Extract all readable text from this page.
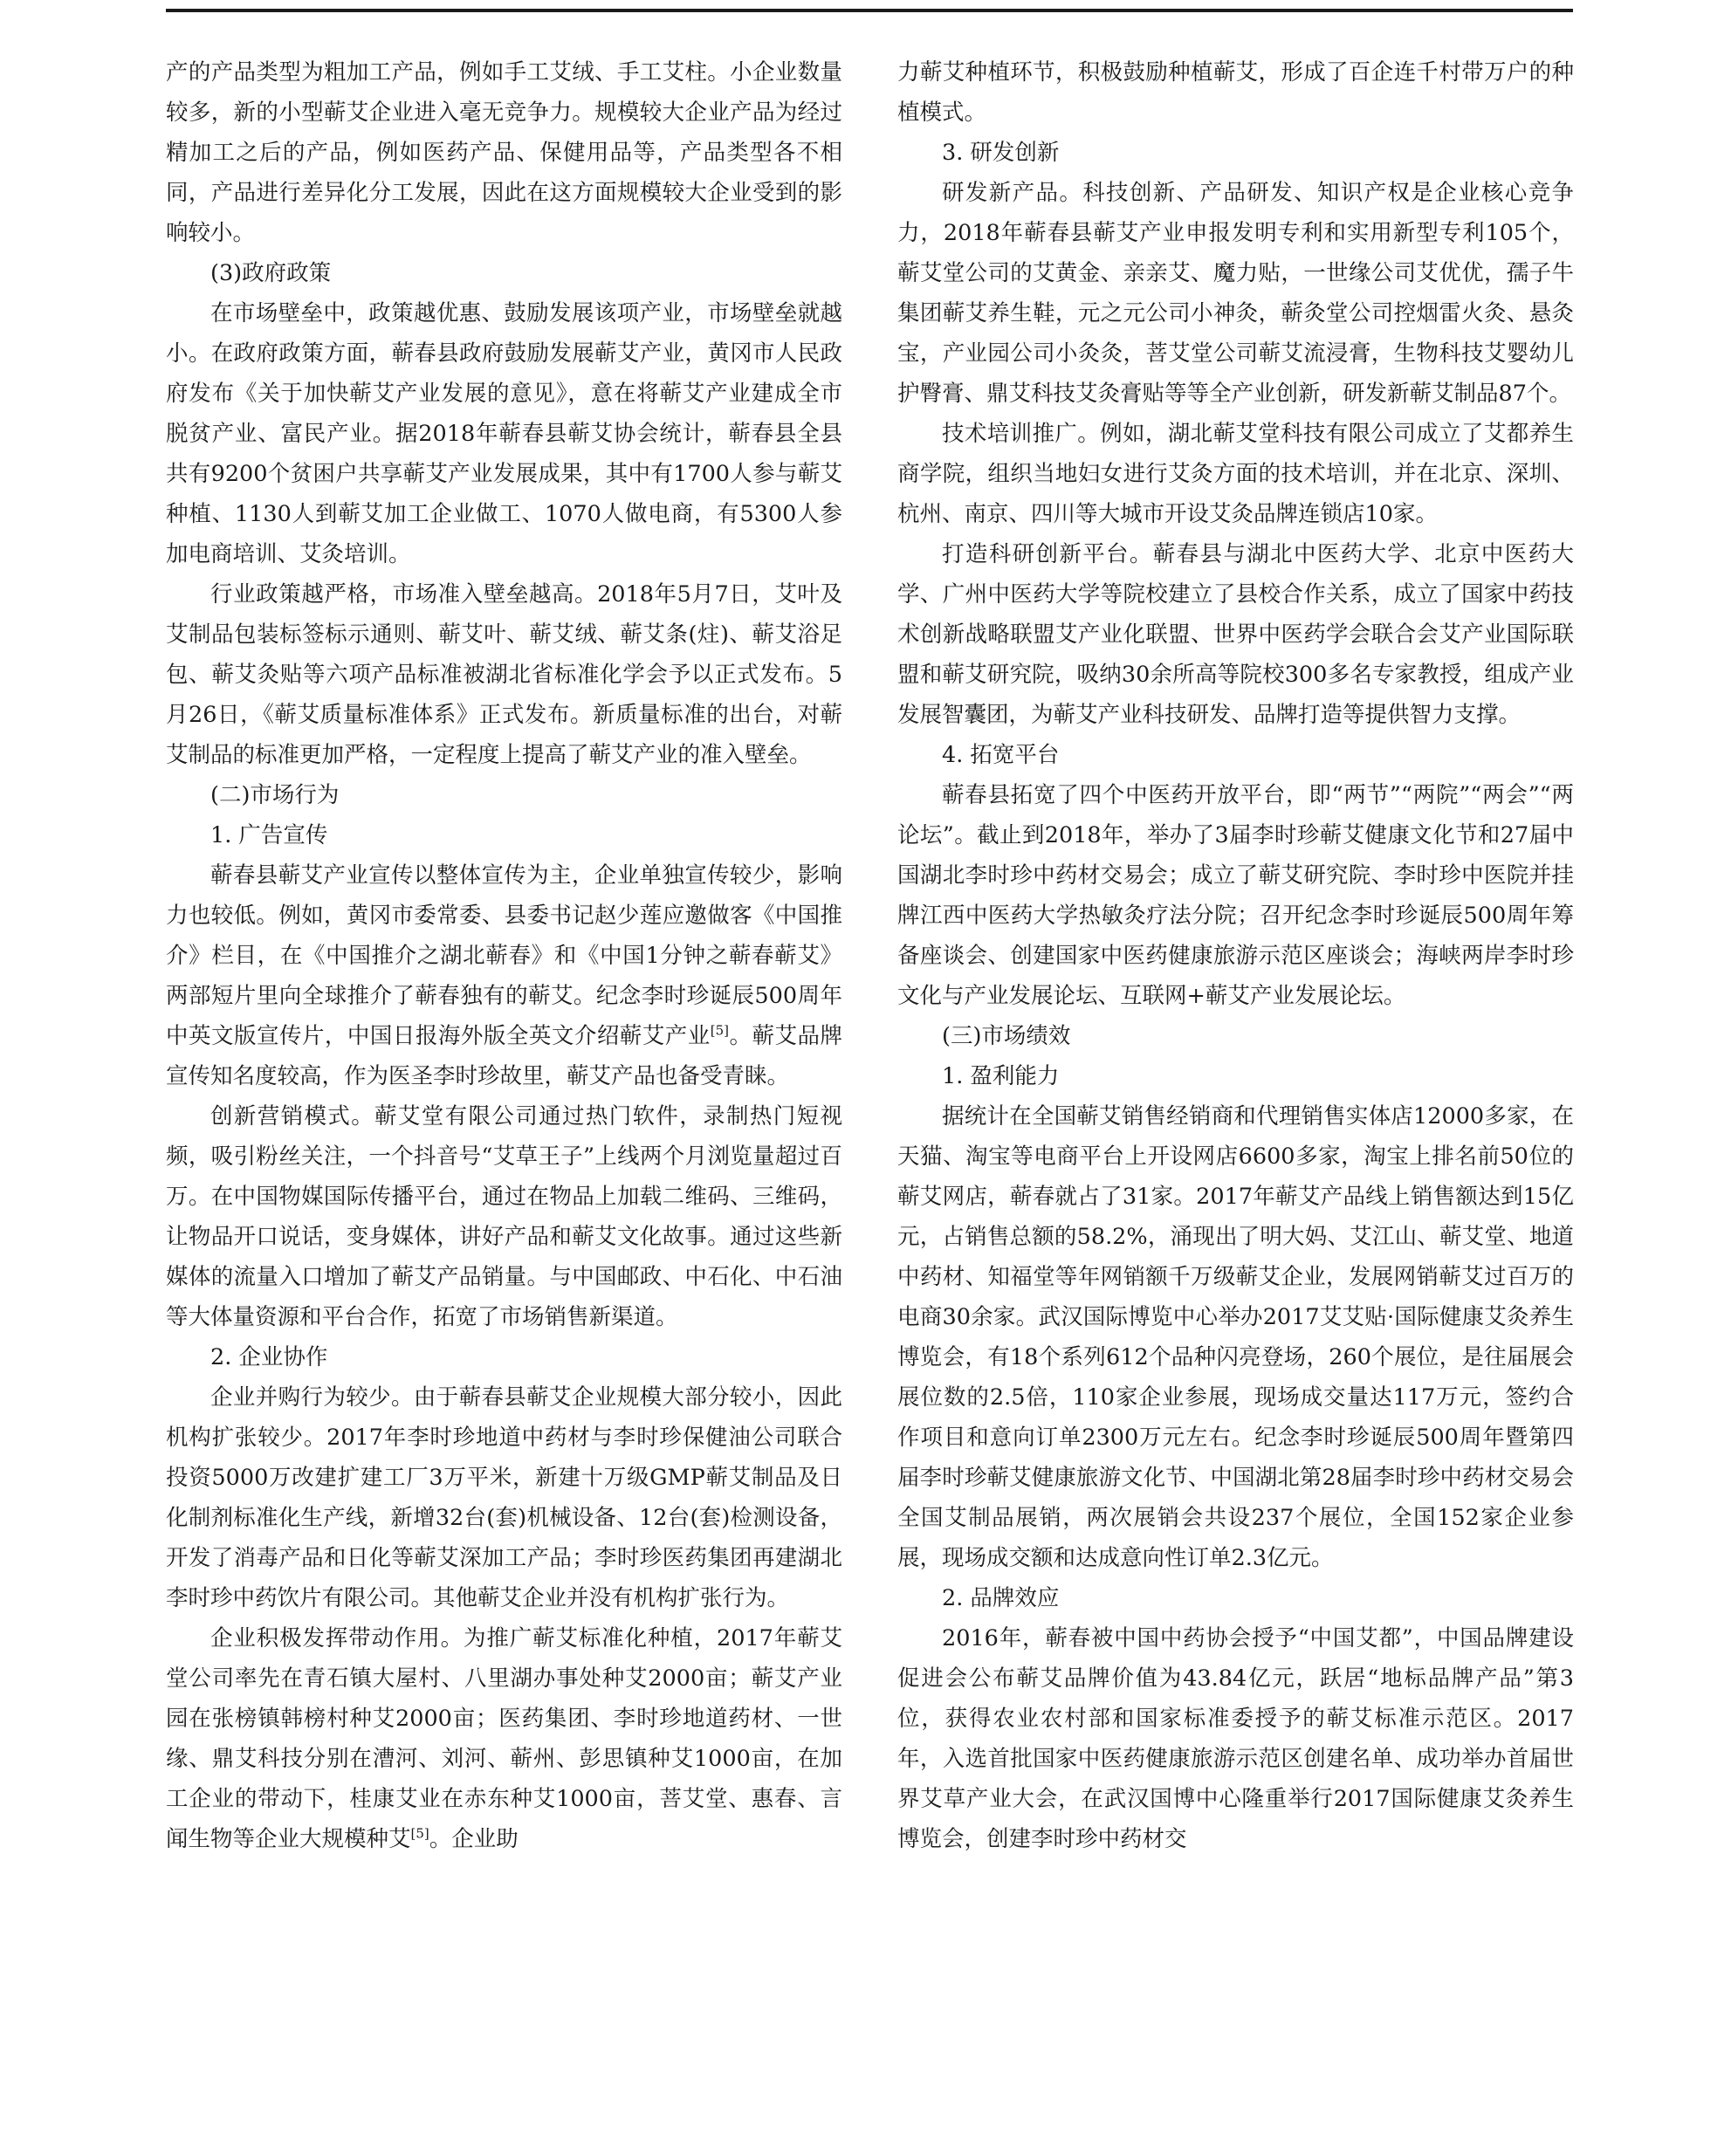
产的产品类型为粗加工产品，例如手工艾绒、手工艾柱。小企业数量较多，新的小型蕲艾企业进入毫无竞争力。规模较大企业产品为经过精加工之后的产品，例如医药产品、保健用品等，产品类型各不相同，产品进行差异化分工发展，因此在这方面规模较大企业受到的影响较小。

(3)政府政策

在市场壁垒中，政策越优惠、鼓励发展该项产业，市场壁垒就越小。在政府政策方面，蕲春县政府鼓励发展蕲艾产业，黄冈市人民政府发布《关于加快蕲艾产业发展的意见》，意在将蕲艾产业建成全市脱贫产业、富民产业。据2018年蕲春县蕲艾协会统计，蕲春县全县共有9200个贫困户共享蕲艾产业发展成果，其中有1700人参与蕲艾种植、1130人到蕲艾加工企业做工、1070人做电商，有5300人参加电商培训、艾灸培训。

行业政策越严格，市场准入壁垒越高。2018年5月7日，艾叶及艾制品包装标签标示通则、蕲艾叶、蕲艾绒、蕲艾条(炷)、蕲艾浴足包、蕲艾灸贴等六项产品标准被湖北省标准化学会予以正式发布。5月26日，《蕲艾质量标准体系》正式发布。新质量标准的出台，对蕲艾制品的标准更加严格，一定程度上提高了蕲艾产业的准入壁垒。

(二)市场行为

1. 广告宣传

蕲春县蕲艾产业宣传以整体宣传为主，企业单独宣传较少，影响力也较低。例如，黄冈市委常委、县委书记赵少莲应邀做客《中国推介》栏目，在《中国推介之湖北蕲春》和《中国1分钟之蕲春蕲艾》两部短片里向全球推介了蕲春独有的蕲艾。纪念李时珍诞辰500周年中英文版宣传片，中国日报海外版全英文介绍蕲艾产业[5]。蕲艾品牌宣传知名度较高，作为医圣李时珍故里，蕲艾产品也备受青睐。

创新营销模式。蕲艾堂有限公司通过热门软件，录制热门短视频，吸引粉丝关注，一个抖音号“艾草王子”上线两个月浏览量超过百万。在中国物媒国际传播平台，通过在物品上加载二维码、三维码，让物品开口说话，变身媒体，讲好产品和蕲艾文化故事。通过这些新媒体的流量入口增加了蕲艾产品销量。与中国邮政、中石化、中石油等大体量资源和平台合作，拓宽了市场销售新渠道。

2. 企业协作

企业并购行为较少。由于蕲春县蕲艾企业规模大部分较小，因此机构扩张较少。2017年李时珍地道中药材与李时珍保健油公司联合投资5000万改建扩建工厂3万平米，新建十万级GMP蕲艾制品及日化制剂标准化生产线，新增32台(套)机械设备、12台(套)检测设备，开发了消毒产品和日化等蕲艾深加工产品；李时珍医药集团再建湖北李时珍中药饮片有限公司。其他蕲艾企业并没有机构扩张行为。

企业积极发挥带动作用。为推广蕲艾标准化种植，2017年蕲艾堂公司率先在青石镇大屋村、八里湖办事处种艾2000亩；蕲艾产业园在张榜镇韩榜村种艾2000亩；医药集团、李时珍地道药材、一世缘、鼎艾科技分别在漕河、刘河、蕲州、彭思镇种艾1000亩，在加工企业的带动下，桂康艾业在赤东种艾1000亩，菩艾堂、惠春、言闻生物等企业大规模种艾[5]。企业助

力蕲艾种植环节，积极鼓励种植蕲艾，形成了百企连千村带万户的种植模式。

3. 研发创新

研发新产品。科技创新、产品研发、知识产权是企业核心竞争力，2018年蕲春县蕲艾产业申报发明专利和实用新型专利105个，蕲艾堂公司的艾黄金、亲亲艾、魔力贴，一世缘公司艾优优，孺子牛集团蕲艾养生鞋，元之元公司小神灸，蕲灸堂公司控烟雷火灸、悬灸宝，产业园公司小灸灸，菩艾堂公司蕲艾流浸膏，生物科技艾婴幼儿护臀膏、鼎艾科技艾灸膏贴等等全产业创新，研发新蕲艾制品87个。

技术培训推广。例如，湖北蕲艾堂科技有限公司成立了艾都养生商学院，组织当地妇女进行艾灸方面的技术培训，并在北京、深圳、杭州、南京、四川等大城市开设艾灸品牌连锁店10家。

打造科研创新平台。蕲春县与湖北中医药大学、北京中医药大学、广州中医药大学等院校建立了县校合作关系，成立了国家中药技术创新战略联盟艾产业化联盟、世界中医药学会联合会艾产业国际联盟和蕲艾研究院，吸纳30余所高等院校300多名专家教授，组成产业发展智囊团，为蕲艾产业科技研发、品牌打造等提供智力支撑。

4. 拓宽平台

蕲春县拓宽了四个中医药开放平台，即“两节”“两院”“两会”“两论坛”。截止到2018年，举办了3届李时珍蕲艾健康文化节和27届中国湖北李时珍中药材交易会；成立了蕲艾研究院、李时珍中医院并挂牌江西中医药大学热敏灸疗法分院；召开纪念李时珍诞辰500周年筹备座谈会、创建国家中医药健康旅游示范区座谈会；海峡两岸李时珍文化与产业发展论坛、互联网+蕲艾产业发展论坛。

(三)市场绩效

1. 盈利能力

据统计在全国蕲艾销售经销商和代理销售实体店12000多家，在天猫、淘宝等电商平台上开设网店6600多家，淘宝上排名前50位的蕲艾网店，蕲春就占了31家。2017年蕲艾产品线上销售额达到15亿元，占销售总额的58.2%，涌现出了明大妈、艾江山、蕲艾堂、地道中药材、知福堂等年网销额千万级蕲艾企业，发展网销蕲艾过百万的电商30余家。武汉国际博览中心举办2017艾艾贴·国际健康艾灸养生博览会，有18个系列612个品种闪亮登场，260个展位，是往届展会展位数的2.5倍，110家企业参展，现场成交量达117万元，签约合作项目和意向订单2300万元左右。纪念李时珍诞辰500周年暨第四届李时珍蕲艾健康旅游文化节、中国湖北第28届李时珍中药材交易会全国艾制品展销，两次展销会共设237个展位，全国152家企业参展，现场成交额和达成意向性订单2.3亿元。

2. 品牌效应

2016年，蕲春被中国中药协会授予“中国艾都”，中国品牌建设促进会公布蕲艾品牌价值为43.84亿元，跃居“地标品牌产品”第3位，获得农业农村部和国家标准委授予的蕲艾标准示范区。2017年，入选首批国家中医药健康旅游示范区创建名单、成功举办首届世界艾草产业大会，在武汉国博中心隆重举行2017国际健康艾灸养生博览会，创建李时珍中药材交
